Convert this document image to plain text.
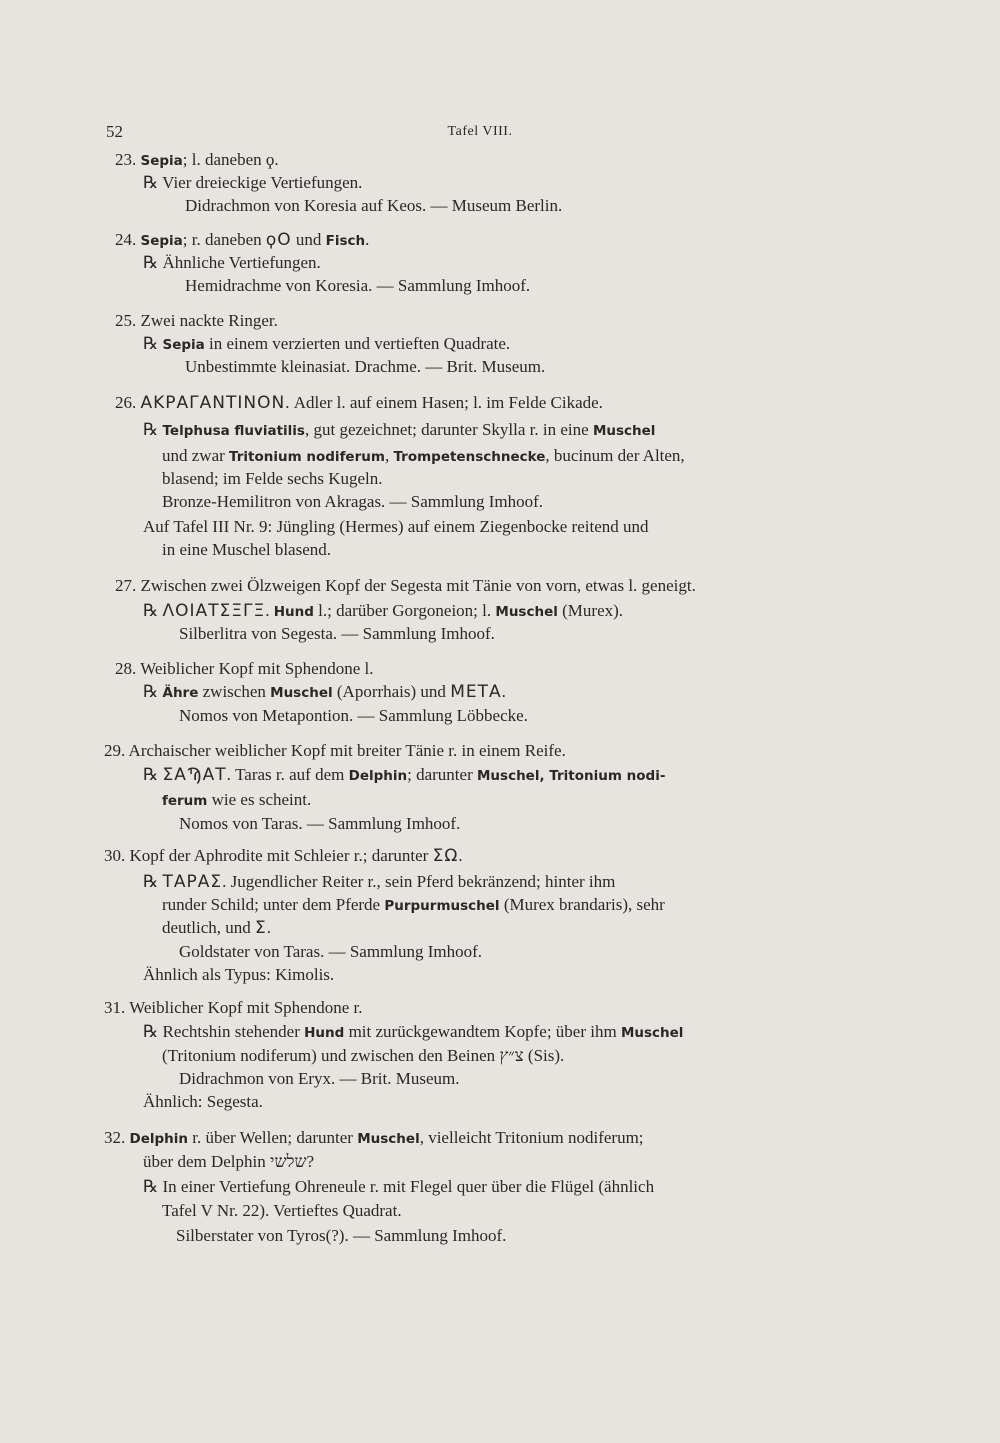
52	Tafel VIII.
23. Sepia; l. daneben ϙ.
℞ Vier dreieckige Vertiefungen.
Didrachmon von Koresia auf Keos. — Museum Berlin.
24. Sepia; r. daneben ϙΟ und Fisch.
℞ Ähnliche Vertiefungen.
Hemidrachme von Koresia. — Sammlung Imhoof.
25. Zwei nackte Ringer.
℞ Sepia in einem verzierten und vertieften Quadrate.
Unbestimmte kleinasiat. Drachme. — Brit. Museum.
26. ΑΚΡΑΓΑΝΤΙΝΟΝ. Adler l. auf einem Hasen; l. im Felde Cikade.
℞ Telphusa fluviatilis, gut gezeichnet; darunter Skylla r. in eine Muschel
und zwar Tritonium nodiferum, Trompetenschnecke, bucinum der Alten,
blasend; im Felde sechs Kugeln.
Bronze-Hemilitron von Akragas. — Sammlung Imhoof.
Auf Tafel III Nr. 9: Jüngling (Hermes) auf einem Ziegenbocke reitend und
in eine Muschel blasend.
27. Zwischen zwei Ölzweigen Kopf der Segesta mit Tänie von vorn, etwas l. geneigt.
℞ ΛΟΙΑΤΣΞΓΞ. Hund l.; darüber Gorgoneion; l. Muschel (Murex).
Silberlitra von Segesta. — Sammlung Imhoof.
28. Weiblicher Kopf mit Sphendone l.
℞ Ähre zwischen Muschel (Aporrhais) und ΜΕΤΑ.
Nomos von Metapontion. — Sammlung Löbbecke.
29. Archaischer weiblicher Kopf mit breiter Tänie r. in einem Reife.
℞ ΣΑϠΑΤ. Taras r. auf dem Delphin; darunter Muschel, Tritonium nodi-
ferum wie es scheint.
Nomos von Taras. — Sammlung Imhoof.
30. Kopf der Aphrodite mit Schleier r.; darunter ΣΩ.
℞ ΤΑΡΑΣ. Jugendlicher Reiter r., sein Pferd bekränzend; hinter ihm
runder Schild; unter dem Pferde Purpurmuschel (Murex brandaris), sehr
deutlich, und Σ.
Goldstater von Taras. — Sammlung Imhoof.
Ähnlich als Typus: Kimolis.
31. Weiblicher Kopf mit Sphendone r.
℞ Rechtshin stehender Hund mit zurückgewandtem Kopfe; über ihm Muschel
(Tritonium nodiferum) und zwischen den Beinen צ״ץ (Sis).
Didrachmon von Eryx. — Brit. Museum.
Ähnlich: Segesta.
32. Delphin r. über Wellen; darunter Muschel, vielleicht Tritonium nodiferum;
über dem Delphin שלשי?
℞ In einer Vertiefung Ohreneule r. mit Flegel quer über die Flügel (ähnlich
Tafel V Nr. 22). Vertieftes Quadrat.
Silberstater von Tyros(?). — Sammlung Imhoof.
